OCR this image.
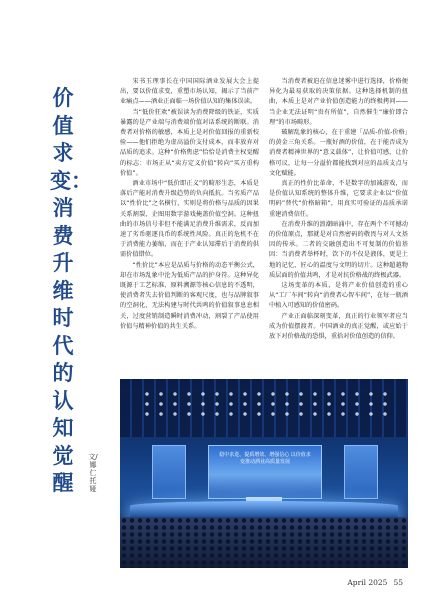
价值求变：消费升维时代的认知觉醒
文/娜仁托娅

宋书玉理事长在中国国际酒业发展大会上提出，要以价值求变，重塑市场认知，揭示了当前产业痛点——酒业正面临一场价值认知的集体误读。

当“低价狂欢”被误读为消费降级的铁证，实质暴露的是产业端与消费端价值对话系统的断联。消费者对价格的敏感，本质上是对价值回报的重新校验——他们拒绝为虚高溢价支付成本，而非放弃对品质的追求。这种“价格焦虑”恰恰是消费主权觉醒的标志：市场正从“卖方定义价值”转向“买方重构价值”。

酒业市场中“低价即正义”的畸形生态，本质是落后产能对消费升级趋势的负向抵抗。当劣质产品以“性价比”之名横行，实则是将价格与品质的因果关系割裂，企图用数字游戏掩盖价值空洞。这种扭曲的市场信号非但不能满足消费升维需求，反而加速了劣币驱逐良币的系统性风险。真正的危机不在于消费能力萎缩，而在于产业认知滞后于消费的供需价值错位。

“性价比”本应是品质与价格的动态平衡公式，却在市场乱象中沦为低质产品的护身符。这种异化既源于工艺标准、原料溯源等核心信息的不透明，使消费者失去价值判断的客观尺度，也与品牌叙事的空洞化，无法构建与时代共鸣的价值叙事息息相关，过度营销制造瞬时消费冲动，割裂了产品使用价值与精神价值的共生关系。

当消费者被迫在信息迷雾中进行选择，价格便异化为最易获取的决策依据。这种选择机制的扭曲，本质上是对产业价值创造能力的终极拷问——当企业无法证明“贵有所值”，自然催生“廉价即合理”的市场畸形。

破解乱象的核心，在于重建「品质-价值-价格」的黄金三角关系。一瓶好酒的价值，在于能否成为消费者精神世界的“意义载体”，让价值可感，让价格可议，让每一分溢价都能找到对应的品质支点与文化赋能。

真正的性价比革命，不是数字的加减游戏，而是价值认知系统的整体升维，它要求企业以“价值明码”替代“价格暗箱”，用真实可验证的品质承诺重建消费信任。

在消费升维的浪潮暗涌中，存在两个不可撼动的价值原点，那就是对自然密码的敬畏与对人文基因的传承。二者的交融创造出不可复制的价值基因：当消费者举杯时，饮下的不仅是液体，更是土地的记忆、匠心的温度与文明的切片。这种超越物质层面的价值共鸣，才是对抗价格战的终极武器。

这场变革的本质，是将产业价值创造的重心从“工厂车间”转向“消费者心智车间”，在每一瓶酒中植入可感知的价值密码。

产业正面临深刻变革，真正的行业领军者应当成为价值摆渡者。中国酒业的真正觉醒，或应始于放下对价格战的恐惧，重拾对价值创造的信仰。

稳中求进、提质增效、增强信心 以价值求变推动酒业高质量发展
April 2025 55
